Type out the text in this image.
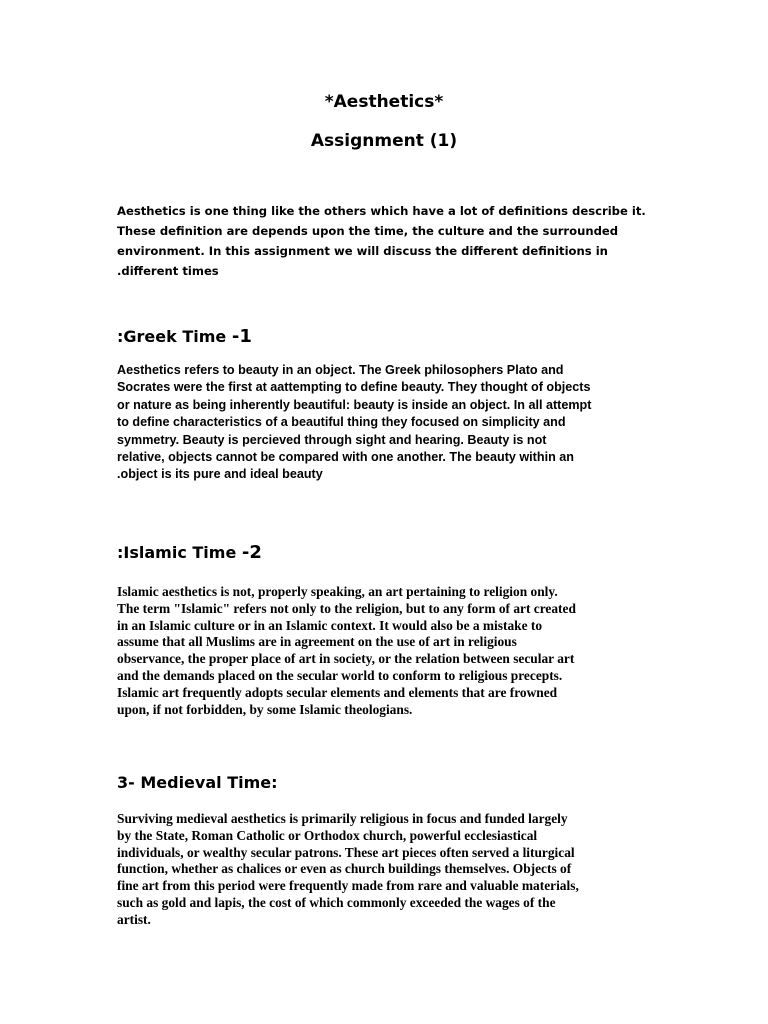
*Aesthetics*
Assignment (1)

Aesthetics is one thing like the others which have a lot of definitions describe it.
These definition are depends upon the time, the culture and the surrounded
environment. In this assignment we will discuss the different definitions in
.different times

:Greek Time -1

Aesthetics refers to beauty in an object. The Greek philosophers Plato and
Socrates were the first at aattempting to define beauty. They thought of objects
or nature as being inherently beautiful: beauty is inside an object. In all attempt
to define characteristics of a beautiful thing they focused on simplicity and
symmetry. Beauty is percieved through sight and hearing. Beauty is not
relative, objects cannot be compared with one another. The beauty within an
.object is its pure and ideal beauty

:Islamic Time -2

Islamic aesthetics is not, properly speaking, an art pertaining to religion only.
The term "Islamic" refers not only to the religion, but to any form of art created
in an Islamic culture or in an Islamic context. It would also be a mistake to
assume that all Muslims are in agreement on the use of art in religious
observance, the proper place of art in society, or the relation between secular art
and the demands placed on the secular world to conform to religious precepts.
Islamic art frequently adopts secular elements and elements that are frowned
upon, if not forbidden, by some Islamic theologians.

3- Medieval Time:

Surviving medieval aesthetics is primarily religious in focus and funded largely
by the State, Roman Catholic or Orthodox church, powerful ecclesiastical
individuals, or wealthy secular patrons. These art pieces often served a liturgical
function, whether as chalices or even as church buildings themselves. Objects of
fine art from this period were frequently made from rare and valuable materials,
such as gold and lapis, the cost of which commonly exceeded the wages of the
artist.
